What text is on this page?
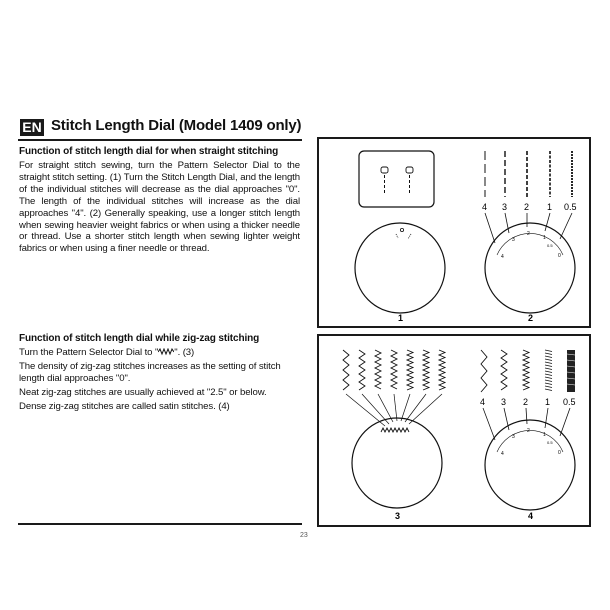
EN Stitch Length Dial (Model 1409 only)
Function of stitch length dial for when straight stitching
For straight stitch sewing, turn the Pattern Selector Dial to the straight stitch setting. (1) Turn the Stitch Length Dial, and the length of the individual stitches will decrease as the dial approaches "0". The length of the individual stitches will increase as the dial approaches "4". (2) Generally speaking, use a longer stitch length when sewing heavier weight fabrics or when using a thicker needle or thread. Use a shorter stitch length when sewing lighter weight fabrics or when using a finer needle or thread.
Function of stitch length dial while zig-zag stitching

Turn the Pattern Selector Dial to " ". (3)

The density of zig-zag stitches increases as the setting of stitch length dial approaches "0".

Neat zig-zag stitches are usually achieved at "2.5" or below.

Dense zig-zag stitches are called satin stitches. (4)

23
1
4 3 2 1 0.5
4
3
2
1
0
0.5
2
3
4 3 2 1 0.5
4
3
2
1
0
0.5
4
